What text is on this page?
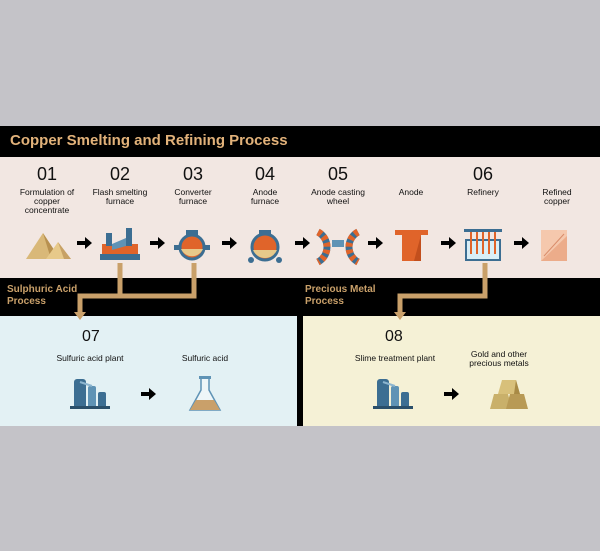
Copper Smelting and Refining Process
01
Formulation of copper concentrate
02
Flash smelting furnace
03
Converter furnace
04
Anode furnace
05
Anode casting wheel
Anode
06
Refinery	Refined copper
Sulphuric Acid Process
Precious Metal Process
07
Sulfuric acid plant	Sulfuric acid
08
Slime treatment plant	Gold and other precious metals
